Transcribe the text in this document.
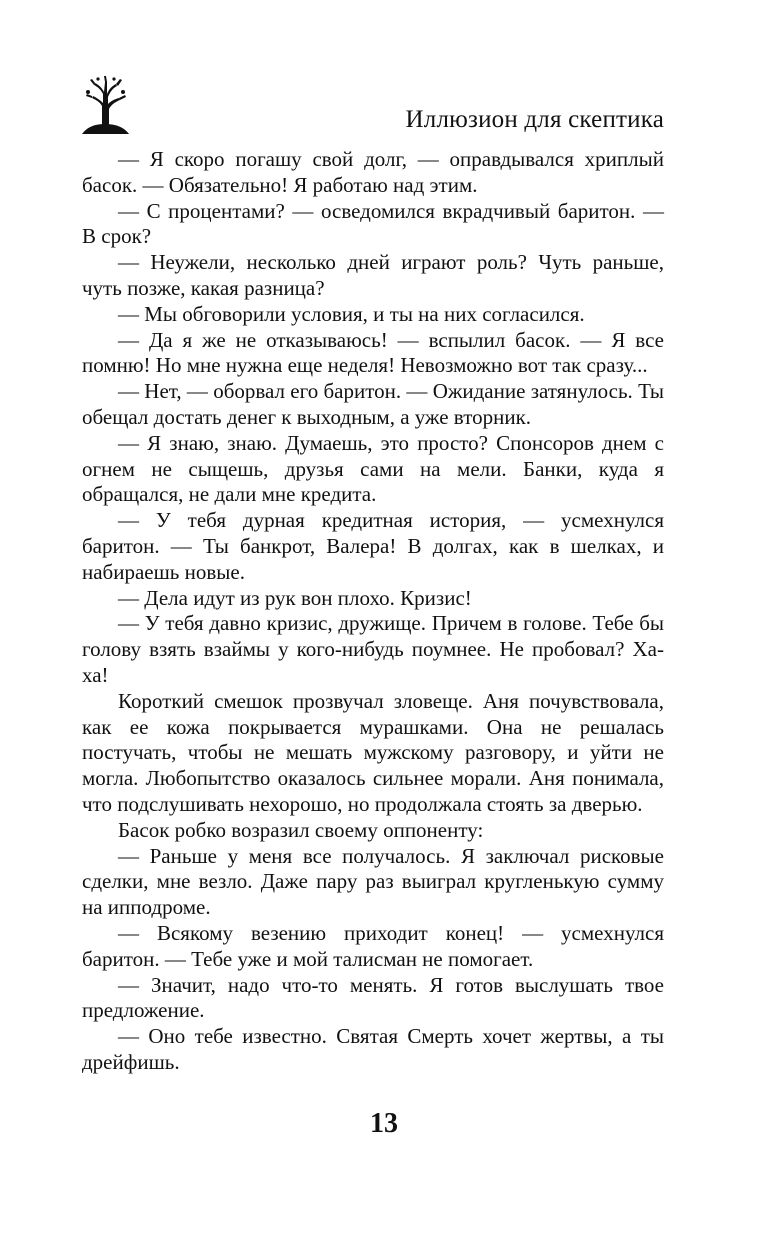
Иллюзион для скептика

— Я скоро погашу свой долг, — оправдывался хриплый басок. — Обязательно! Я работаю над этим.

— С процентами? — осведомился вкрадчивый баритон. — В срок?

— Неужели, несколько дней играют роль? Чуть раньше, чуть позже, какая разница?

— Мы обговорили условия, и ты на них согласился.

— Да я же не отказываюсь! — вспылил басок. — Я все помню! Но мне нужна еще неделя! Невозможно вот так сразу...

— Нет, — оборвал его баритон. — Ожидание затянулось. Ты обещал достать денег к выходным, а уже вторник.

— Я знаю, знаю. Думаешь, это просто? Спонсоров днем с огнем не сыщешь, друзья сами на мели. Банки, куда я обращался, не дали мне кредита.

— У тебя дурная кредитная история, — усмехнулся баритон. — Ты банкрот, Валера! В долгах, как в шелках, и набираешь новые.

— Дела идут из рук вон плохо. Кризис!

— У тебя давно кризис, дружище. Причем в голове. Тебе бы голову взять взаймы у кого-нибудь поумнее. Не пробовал? Ха-ха!

Короткий смешок прозвучал зловеще. Аня почувствовала, как ее кожа покрывается мурашками. Она не решалась постучать, чтобы не мешать мужскому разговору, и уйти не могла. Любопытство оказалось сильнее морали. Аня понимала, что подслушивать нехорошо, но продолжала стоять за дверью.

Басок робко возразил своему оппоненту:

— Раньше у меня все получалось. Я заключал рисковые сделки, мне везло. Даже пару раз выиграл кругленькую сумму на ипподроме.

— Всякому везению приходит конец! — усмехнулся баритон. — Тебе уже и мой талисман не помогает.

— Значит, надо что-то менять. Я готов выслушать твое предложение.

— Оно тебе известно. Святая Смерть хочет жертвы, а ты дрейфишь.

13
